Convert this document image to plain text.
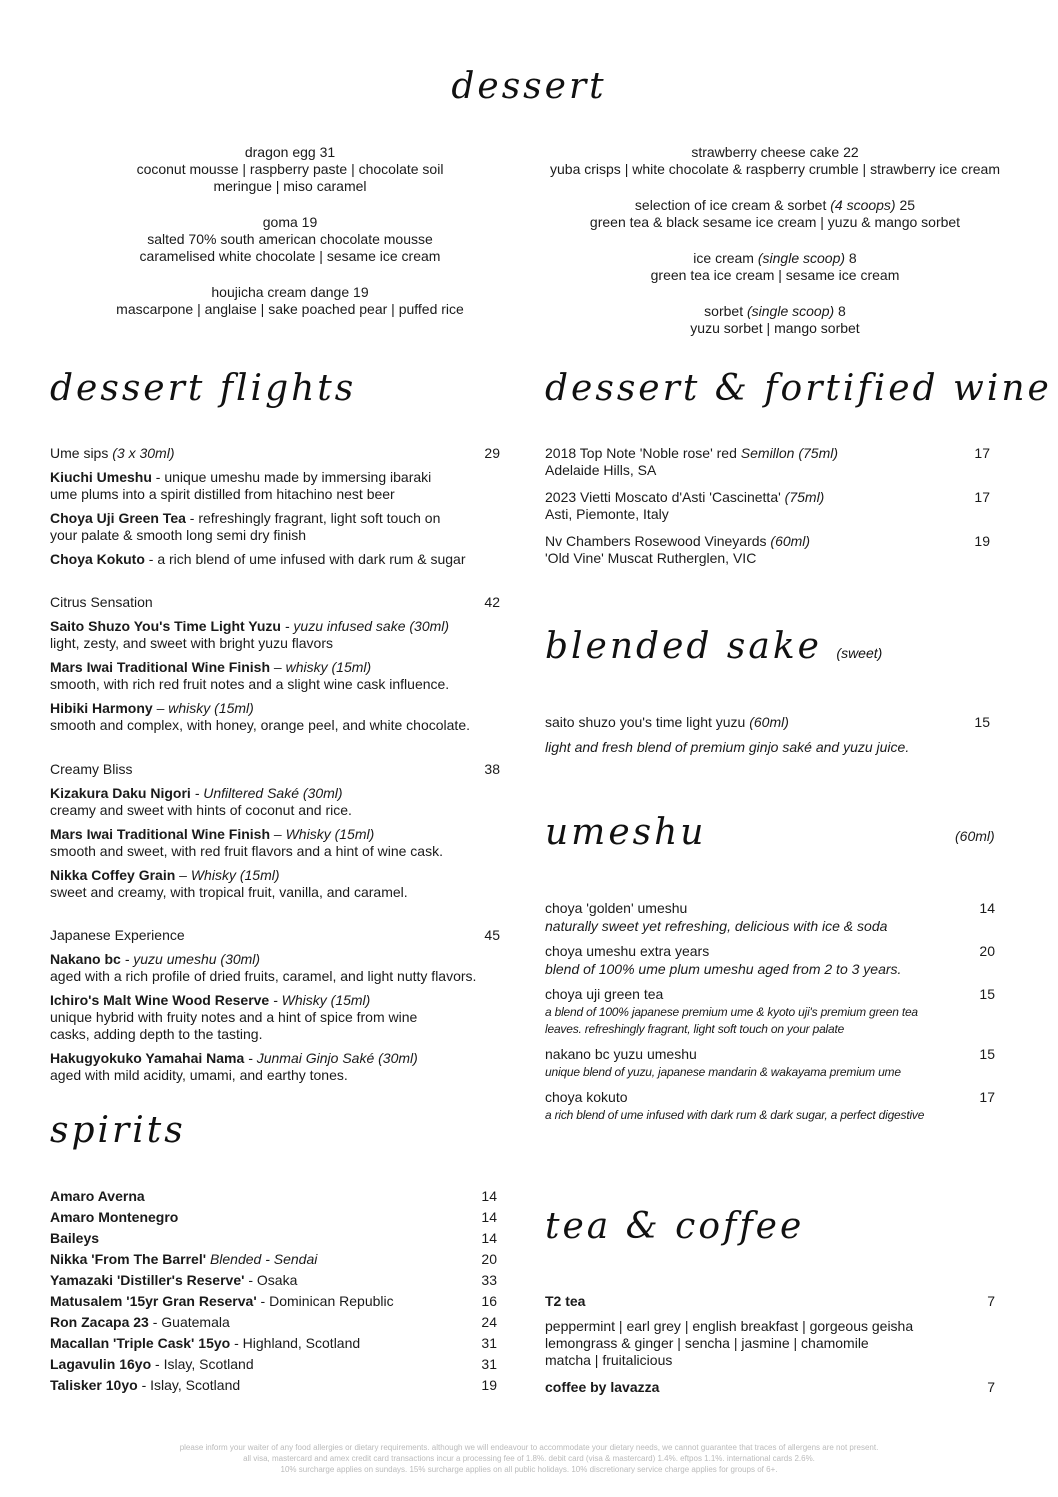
dessert
dragon egg 31
coconut mousse | raspberry paste | chocolate soil
meringue | miso caramel
goma 19
salted 70% south american chocolate mousse
caramelised white chocolate | sesame ice cream
houjicha cream dange 19
mascarpone | anglaise | sake poached pear | puffed rice
strawberry cheese cake 22
yuba crisps | white chocolate & raspberry crumble | strawberry ice cream
selection of ice cream & sorbet (4 scoops) 25
green tea & black sesame ice cream | yuzu & mango sorbet
ice cream (single scoop) 8
green tea ice cream | sesame ice cream
sorbet (single scoop) 8
yuzu sorbet | mango sorbet
dessert flights	dessert & fortified wine
blended sake (sweet)
umeshu	(60ml)
spirits
tea & coffee
Ume sips (3 x 30ml)	29
Kiuchi Umeshu - unique umeshu made by immersing ibaraki
ume plums into a spirit distilled from hitachino nest beer
Choya Uji Green Tea - refreshingly fragrant, light soft touch on
your palate & smooth long semi dry finish
Choya Kokuto - a rich blend of ume infused with dark rum & sugar
Citrus Sensation	42
Saito Shuzo You's Time Light Yuzu - yuzu infused sake (30ml)
light, zesty, and sweet with bright yuzu flavors
Mars Iwai Traditional Wine Finish – whisky (15ml)
smooth, with rich red fruit notes and a slight wine cask influence.
Hibiki Harmony – whisky (15ml)
smooth and complex, with honey, orange peel, and white chocolate.
Creamy Bliss	38
Kizakura Daku Nigori - Unfiltered Saké (30ml)
creamy and sweet with hints of coconut and rice.
Mars Iwai Traditional Wine Finish – Whisky (15ml)
smooth and sweet, with red fruit flavors and a hint of wine cask.
Nikka Coffey Grain – Whisky (15ml)
sweet and creamy, with tropical fruit, vanilla, and caramel.
Japanese Experience	45
Nakano bc - yuzu umeshu (30ml)
aged with a rich profile of dried fruits, caramel, and light nutty flavors.
Ichiro's Malt Wine Wood Reserve - Whisky (15ml)
unique hybrid with fruity notes and a hint of spice from wine
casks, adding depth to the tasting.
Hakugyokuko Yamahai Nama - Junmai Ginjo Saké (30ml)
aged with mild acidity, umami, and earthy tones.
Amaro Averna	14
Amaro Montenegro	14
Baileys	14
Nikka 'From The Barrel' Blended - Sendai	20
Yamazaki 'Distiller's Reserve' - Osaka	33
Matusalem '15yr Gran Reserva' - Dominican Republic	16
Ron Zacapa 23 - Guatemala	24
Macallan 'Triple Cask' 15yo - Highland, Scotland	31
Lagavulin 16yo - Islay, Scotland	31
Talisker 10yo - Islay, Scotland	19
2018 Top Note 'Noble rose' red Semillon (75ml)	17
Adelaide Hills, SA
2023 Vietti Moscato d'Asti 'Cascinetta' (75ml)	17
Asti, Piemonte, Italy
Nv Chambers Rosewood Vineyards (60ml)	19
'Old Vine' Muscat Rutherglen, VIC
saito shuzo you's time light yuzu (60ml)	15
light and fresh blend of premium ginjo saké and yuzu juice.
choya 'golden' umeshu	14
naturally sweet yet refreshing, delicious with ice & soda
choya umeshu extra years	20
blend of 100% ume plum umeshu aged from 2 to 3 years.
choya uji green tea	15
a blend of 100% japanese premium ume & kyoto uji's premium green tea
leaves. refreshingly fragrant, light soft touch on your palate
nakano bc yuzu umeshu	15
unique blend of yuzu, japanese mandarin & wakayama premium ume
choya kokuto	17
a rich blend of ume infused with dark rum & dark sugar, a perfect digestive
T2 tea	7
peppermint | earl grey | english breakfast | gorgeous geisha
lemongrass & ginger | sencha | jasmine | chamomile
matcha | fruitalicious
coffee by lavazza	7
please inform your waiter of any food allergies or dietary requirements. although we will endeavour to accommodate your dietary needs, we cannot guarantee that traces of allergens are not present.
all visa, mastercard and amex credit card transactions incur a processing fee of 1.8%. debit card (visa & mastercard) 1.4%. eftpos 1.1%. international cards 2.6%.
10% surcharge applies on sundays. 15% surcharge applies on all public holidays. 10% discretionary service charge applies for groups of 6+.
